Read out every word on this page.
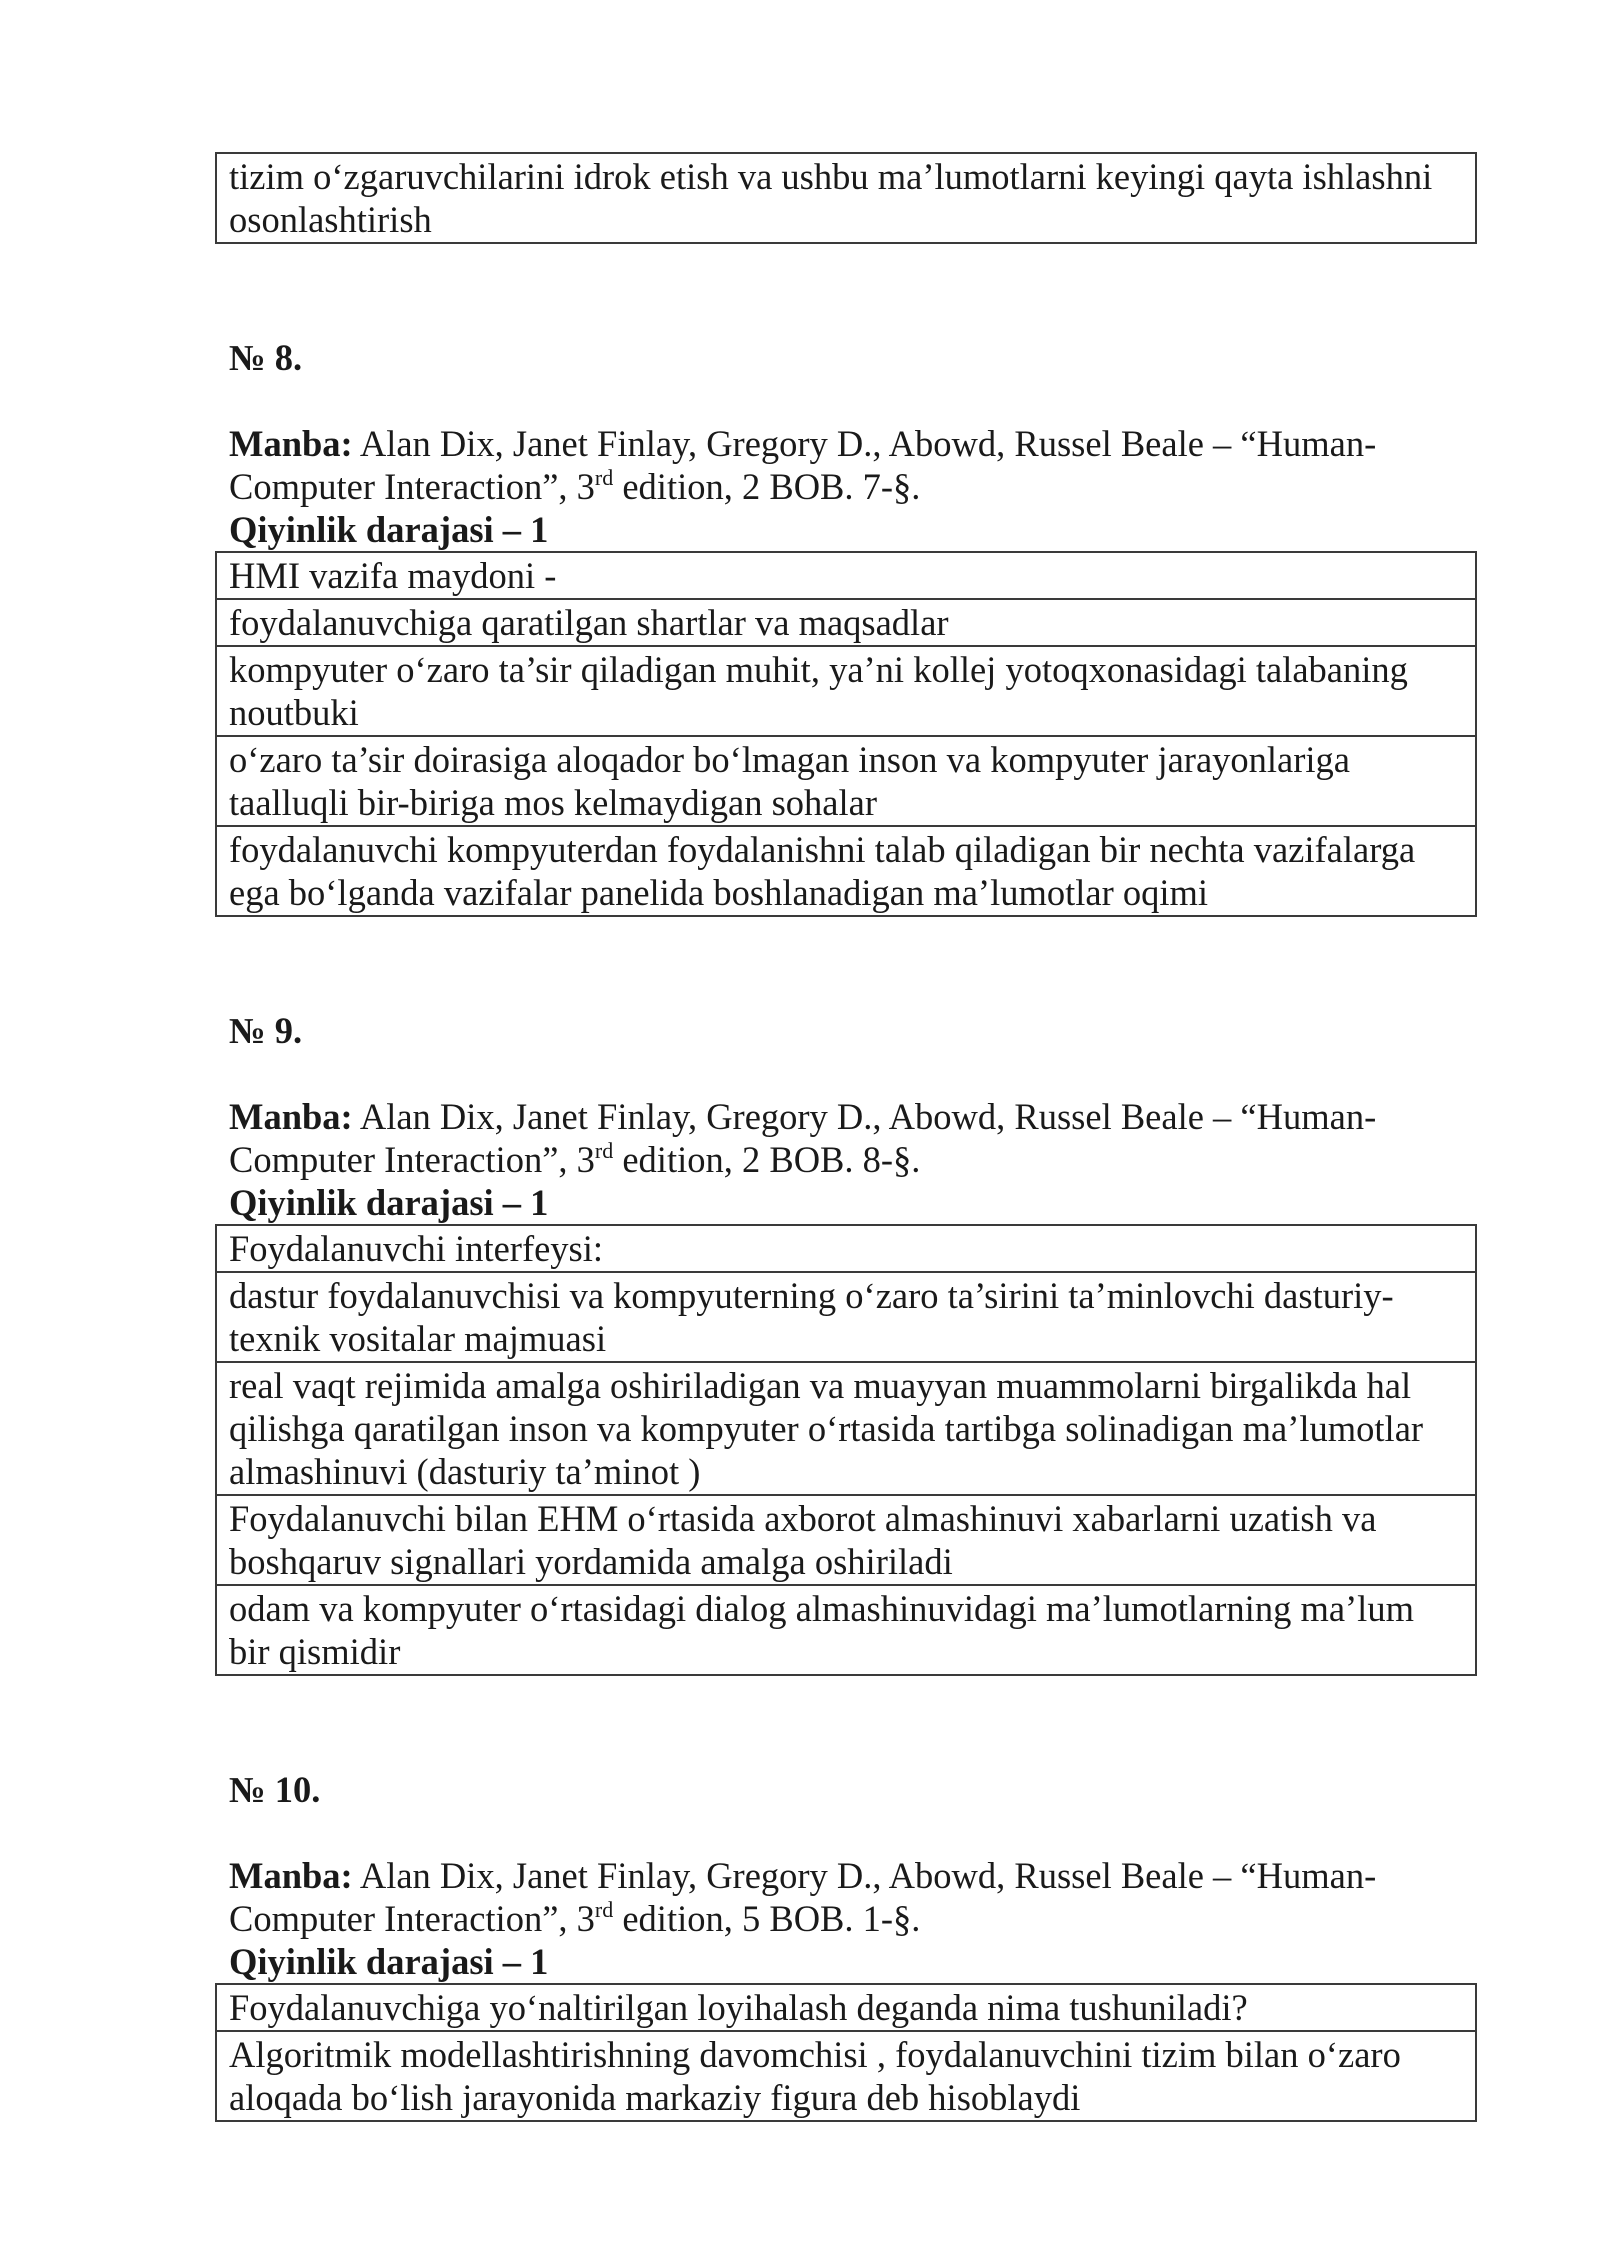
tizim o‘zgaruvchilarini idrok etish va ushbu ma’lumotlarni keyingi qayta ishlashni osonlashtirish
№ 8.
Manba: Alan Dix, Janet Finlay, Gregory D., Abowd, Russel Beale – “Human-Computer Interaction”, 3rd edition, 2 BOB. 7-§.
Qiyinlik darajasi – 1
HMI vazifa maydoni -
foydalanuvchiga qaratilgan shartlar va maqsadlar
kompyuter o‘zaro ta’sir qiladigan muhit, ya’ni kollej yotoqxonasidagi talabaning noutbuki
o‘zaro ta’sir doirasiga aloqador bo‘lmagan inson va kompyuter jarayonlariga taalluqli bir-biriga mos kelmaydigan sohalar
foydalanuvchi kompyuterdan foydalanishni talab qiladigan bir nechta vazifalarga ega bo‘lganda vazifalar panelida boshlanadigan ma’lumotlar oqimi
№ 9.
Manba: Alan Dix, Janet Finlay, Gregory D., Abowd, Russel Beale – “Human-Computer Interaction”, 3rd edition, 2 BOB. 8-§.
Qiyinlik darajasi – 1
Foydalanuvchi interfeysi:
dastur foydalanuvchisi va kompyuterning o‘zaro ta’sirini ta’minlovchi dasturiy-texnik vositalar majmuasi
real vaqt rejimida amalga oshiriladigan va muayyan muammolarni birgalikda hal qilishga qaratilgan inson va kompyuter o‘rtasida tartibga solinadigan ma’lumotlar almashinuvi (dasturiy ta’minot )
Foydalanuvchi bilan EHM o‘rtasida axborot almashinuvi xabarlarni uzatish va boshqaruv signallari yordamida amalga oshiriladi
odam va kompyuter o‘rtasidagi dialog almashinuvidagi ma’lumotlarning ma’lum bir qismidir
№ 10.
Manba: Alan Dix, Janet Finlay, Gregory D., Abowd, Russel Beale – “Human-Computer Interaction”, 3rd edition, 5 BOB. 1-§.
Qiyinlik darajasi – 1
Foydalanuvchiga yo‘naltirilgan loyihalash deganda nima tushuniladi?
Algoritmik modellashtirishning davomchisi , foydalanuvchini tizim bilan o‘zaro aloqada bo‘lish jarayonida markaziy figura deb hisoblaydi
